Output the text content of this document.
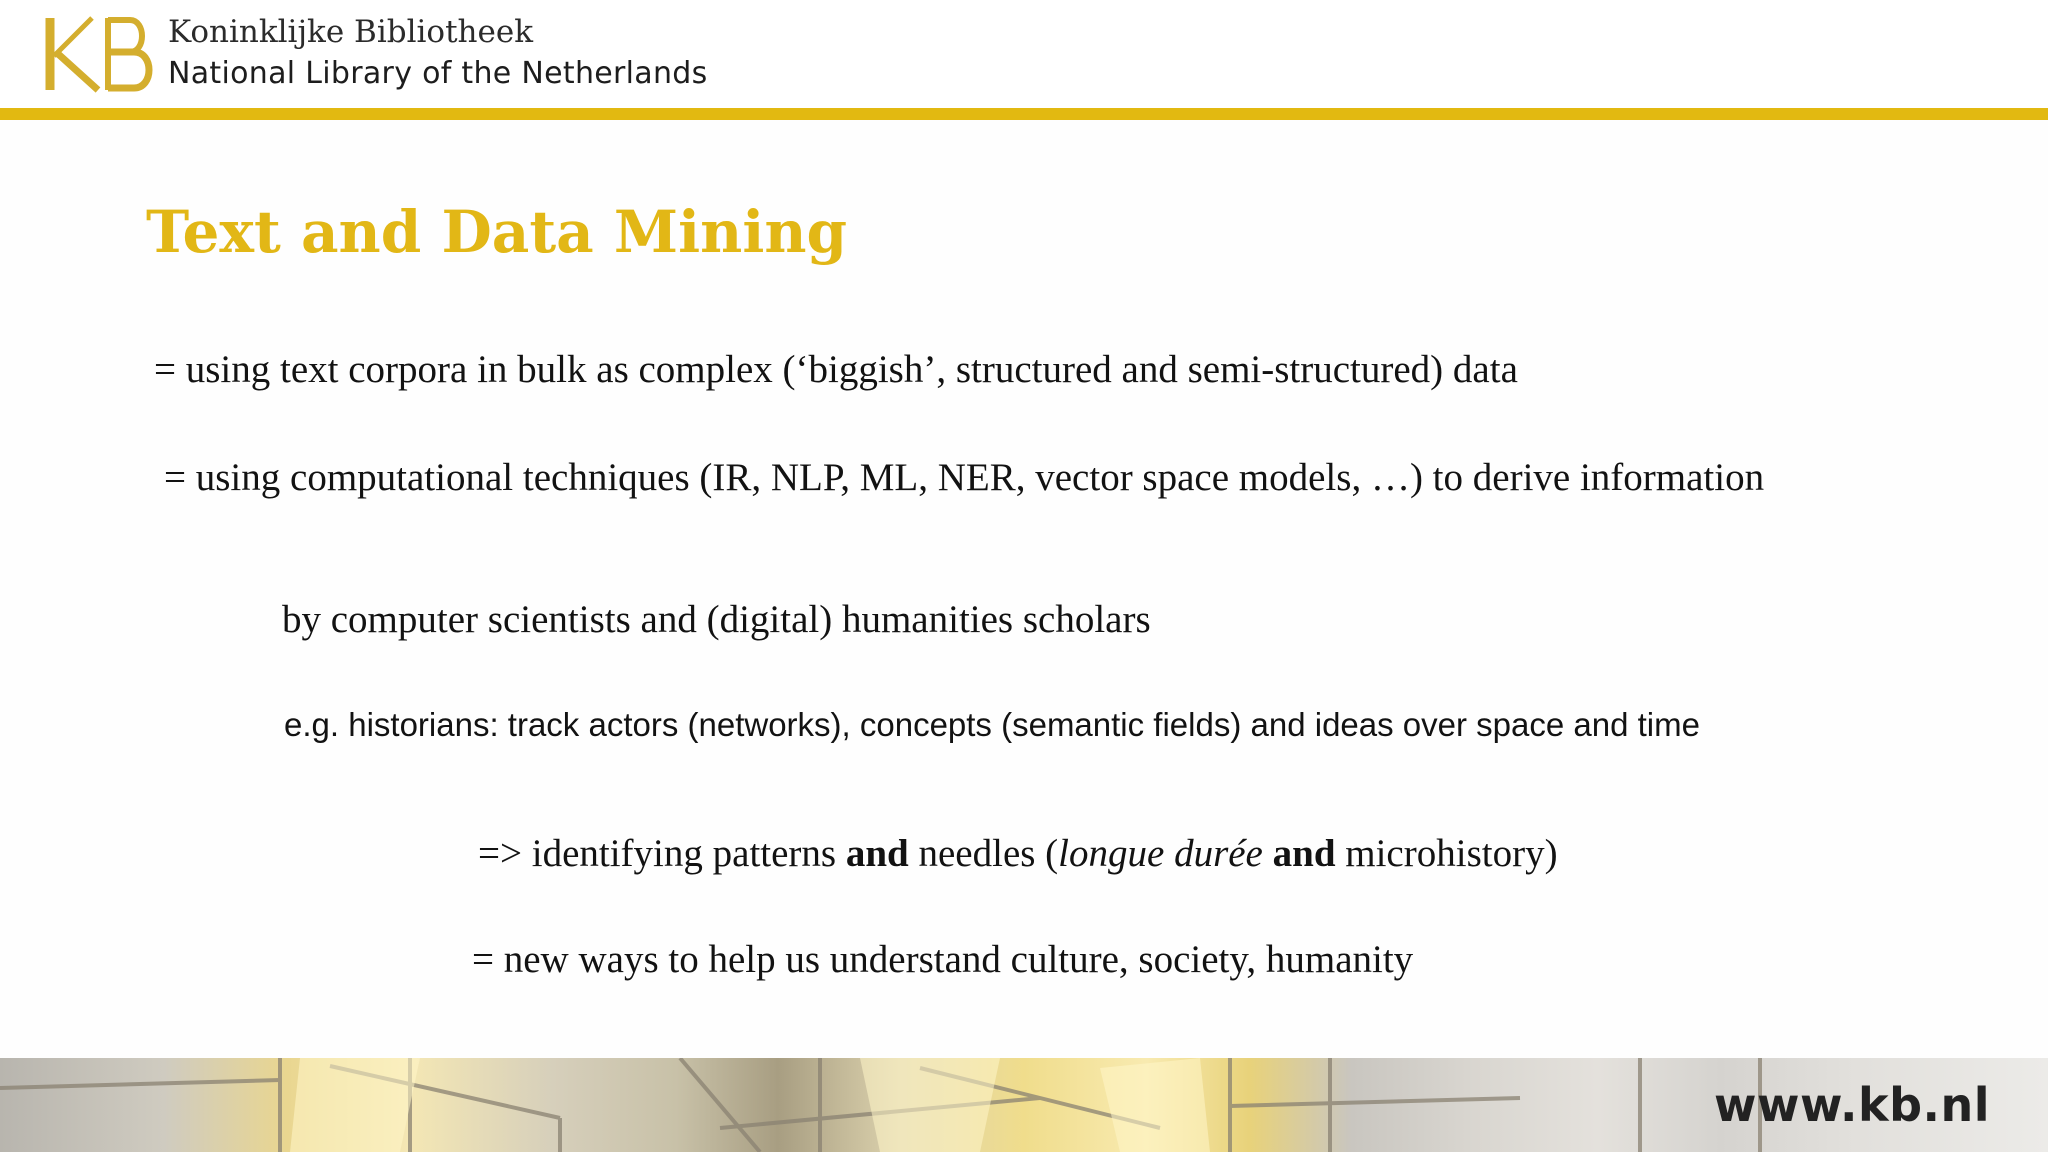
Koninklijke Bibliotheek
National Library of the Netherlands
Text and Data Mining
= using text corpora in bulk as complex (‘biggish’, structured and semi-structured) data
= using computational techniques (IR, NLP, ML, NER, vector space models, …) to derive information
by computer scientists and (digital) humanities scholars
e.g. historians: track actors (networks), concepts (semantic fields) and ideas over space and time
=> identifying patterns and needles (longue durée and microhistory)
= new ways to help us understand culture, society, humanity
www.kb.nl
